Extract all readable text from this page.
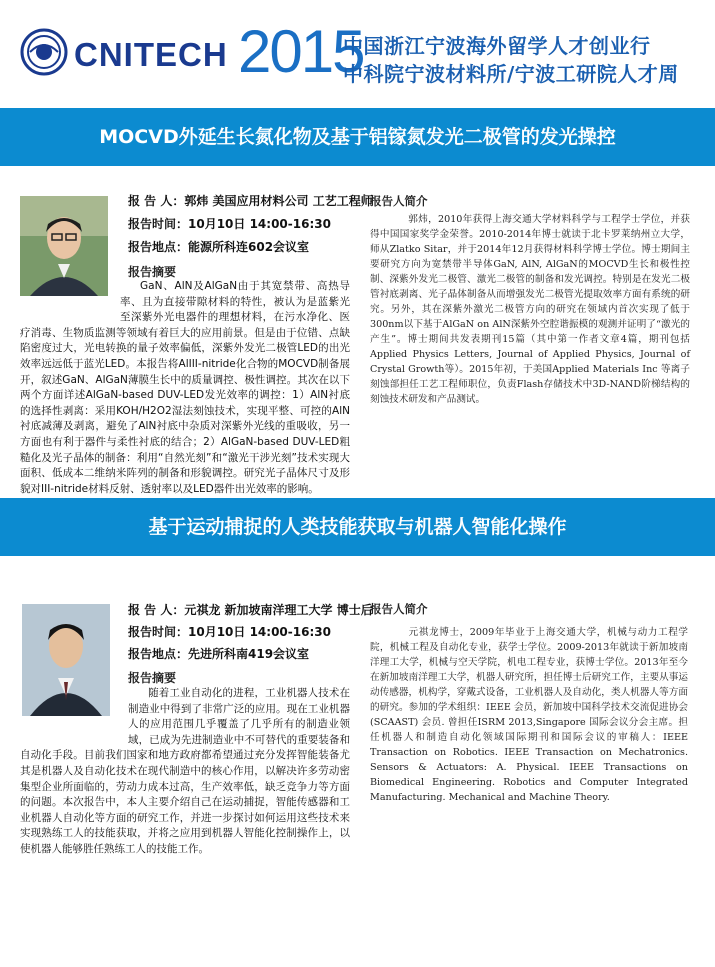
CNITECH 2015
中国浙江宁波海外留学人才创业行
中科院宁波材料所/宁波工研院人才周
MOCVD外延生长氮化物及基于铝镓氮发光二极管的发光操控
报 告 人：郭炜 美国应用材料公司 工艺工程师
报告时间：10月10日 14:00-16:30
报告地点：能源所科连602会议室
报告摘要
GaN、AlN及AlGaN由于其宽禁带、高热导率、且为直接带隙材料的特性，被认为是蓝紫光至深紫外光电器件的理想材料，在污水净化、医疗消毒、生物质监测等领域有着巨大的应用前景。但是由于位错、点缺陷密度过大，光电转换的量子效率偏低，深紫外发光二极管LED的出光效率远远低于蓝光LED。本报告将AlIII-nitride化合物的MOCVD制备展开，叙述GaN、AlGaN薄膜生长中的质量调控、极性调控。其次在以下两个方面详述AlGaN-based DUV-LED发光效率的调控：1）AlN衬底的选择性剥离：采用KOH/H2O2湿法刻蚀技术，实现平整、可控的AlN 衬底减薄及剥离，避免了AlN衬底中杂质对深紫外光线的重吸收，另一方面也有利于器件与柔性衬底的结合；2）AlGaN-based DUV-LED粗糙化及光子晶体的制备：利用“自然光刻”和“激光干涉光刻”技术实现大面积、低成本二维纳米阵列的制备和形貌调控。研究光子晶体尺寸及形貌对III-nitride材料反射、透射率以及LED器件出光效率的影响。
报告人简介
郭炜，2010年获得上海交通大学材料科学与工程学士学位，并获得中国国家奖学金荣誉。2010-2014年博士就读于北卡罗莱纳州立大学，师从Zlatko Sitar，并于2014年12月获得材料科学博士学位。博士期间主要研究方向为宽禁带半导体GaN, AlN, AlGaN的MOCVD生长和极性控制、深紫外发光二极管、激光二极管的制备和发光调控。特别是在发光二极管衬底剥离、光子晶体制备从而增强发光二极管光提取效率方面有系统的研究。另外，其在深紫外激光二极管方向的研究在领域内首次实现了低于300nm以下基于AlGaN on AlN深紫外空腔谐振模的观测并证明了“激光的产生”。博士期间共发表期刊15篇（其中第一作者文章4篇，期刊包括Applied Physics Letters, Journal of Applied Physics, Journal of Crystal Growth等）。2015年初，于美国Applied Materials Inc 等离子刻蚀部担任工艺工程师职位，负责Flash存储技术中3D-NAND阶梯结构的刻蚀技术研发和产品测试。
基于运动捕捉的人类技能获取与机器人智能化操作
报 告 人：元祺龙 新加坡南洋理工大学 博士后
报告时间：10月10日 14:00-16:30
报告地点：先进所科南419会议室
报告摘要
随着工业自动化的进程，工业机器人技术在制造业中得到了非常广泛的应用。现在工业机器人的应用范围几乎覆盖了几乎所有的制造业领域，已成为先进制造业中不可替代的重要装备和自动化手段。目前我们国家和地方政府都希望通过充分发挥智能装备尤其是机器人及自动化技术在现代制造中的核心作用，以解决许多劳动密集型企业所面临的，劳动力成本过高，生产效率低，缺乏竞争力等方面的问题。本次报告中，本人主要介绍自己在运动捕捉，智能传感器和工业机器人自动化等方面的研究工作，并进一步探讨如何运用这些技术来实现熟练工人的技能获取，并将之应用到机器人智能化控制操作上，以使机器人能够胜任熟练工人的技能工作。
报告人简介
元祺龙博士，2009年毕业于上海交通大学，机械与动力工程学院，机械工程及自动化专业，获学士学位。2009-2013年就读于新加坡南洋理工大学，机械与空天学院，机电工程专业，获博士学位。2013年至今在新加坡南洋理工大学，机器人研究所，担任博士后研究工作，主要从事运动传感器，机构学，穿戴式设备，工业机器人及自动化，类人机器人等方面的研究。参加的学术组织：IEEE 会员，新加坡中国科学技术交流促进协会(SCAAST) 会员. 曾担任ISRM 2013,Singapore 国际会议分会主席。担任机器人和制造自动化领域国际期刊和国际会议的审稿人：IEEE Transaction on Robotics. IEEE Transaction on Mechatronics. Sensors & Actuators: A. Physical. IEEE Transactions on Biomedical Engineering. Robotics and Computer Integrated Manufacturing. Mechanical and Machine Theory.
